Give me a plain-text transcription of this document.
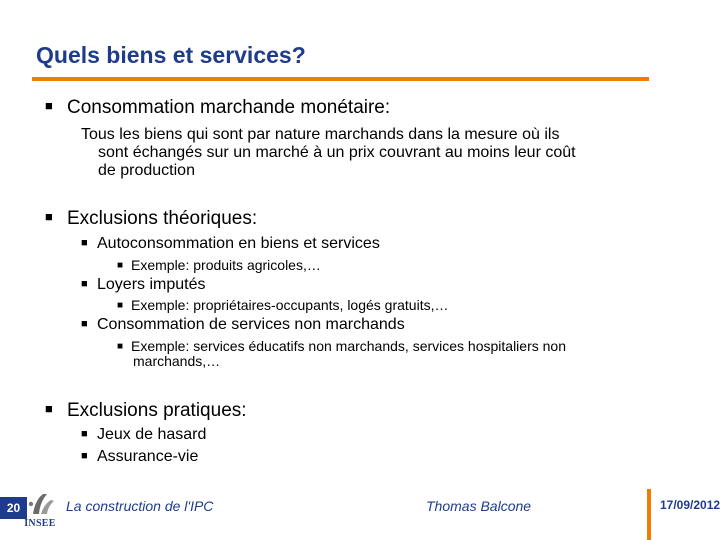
Quels biens et services?
■ Consommation marchande monétaire:
Tous les biens qui sont par nature marchands dans la mesure où ils
sont échangés sur un marché à un prix couvrant au moins leur coût
de production
■ Exclusions théoriques:
■ Autoconsommation en biens et services
■ Exemple: produits agricoles,…
■ Loyers imputés
■ Exemple: propriétaires-occupants, logés gratuits,…
■ Consommation de services non marchands
■ Exemple: services éducatifs non marchands, services hospitaliers non
marchands,…
■ Exclusions pratiques:
■ Jeux de hasard
■ Assurance-vie
20
INSEE
La construction de l'IPC	Thomas Balcone	17/09/2012
